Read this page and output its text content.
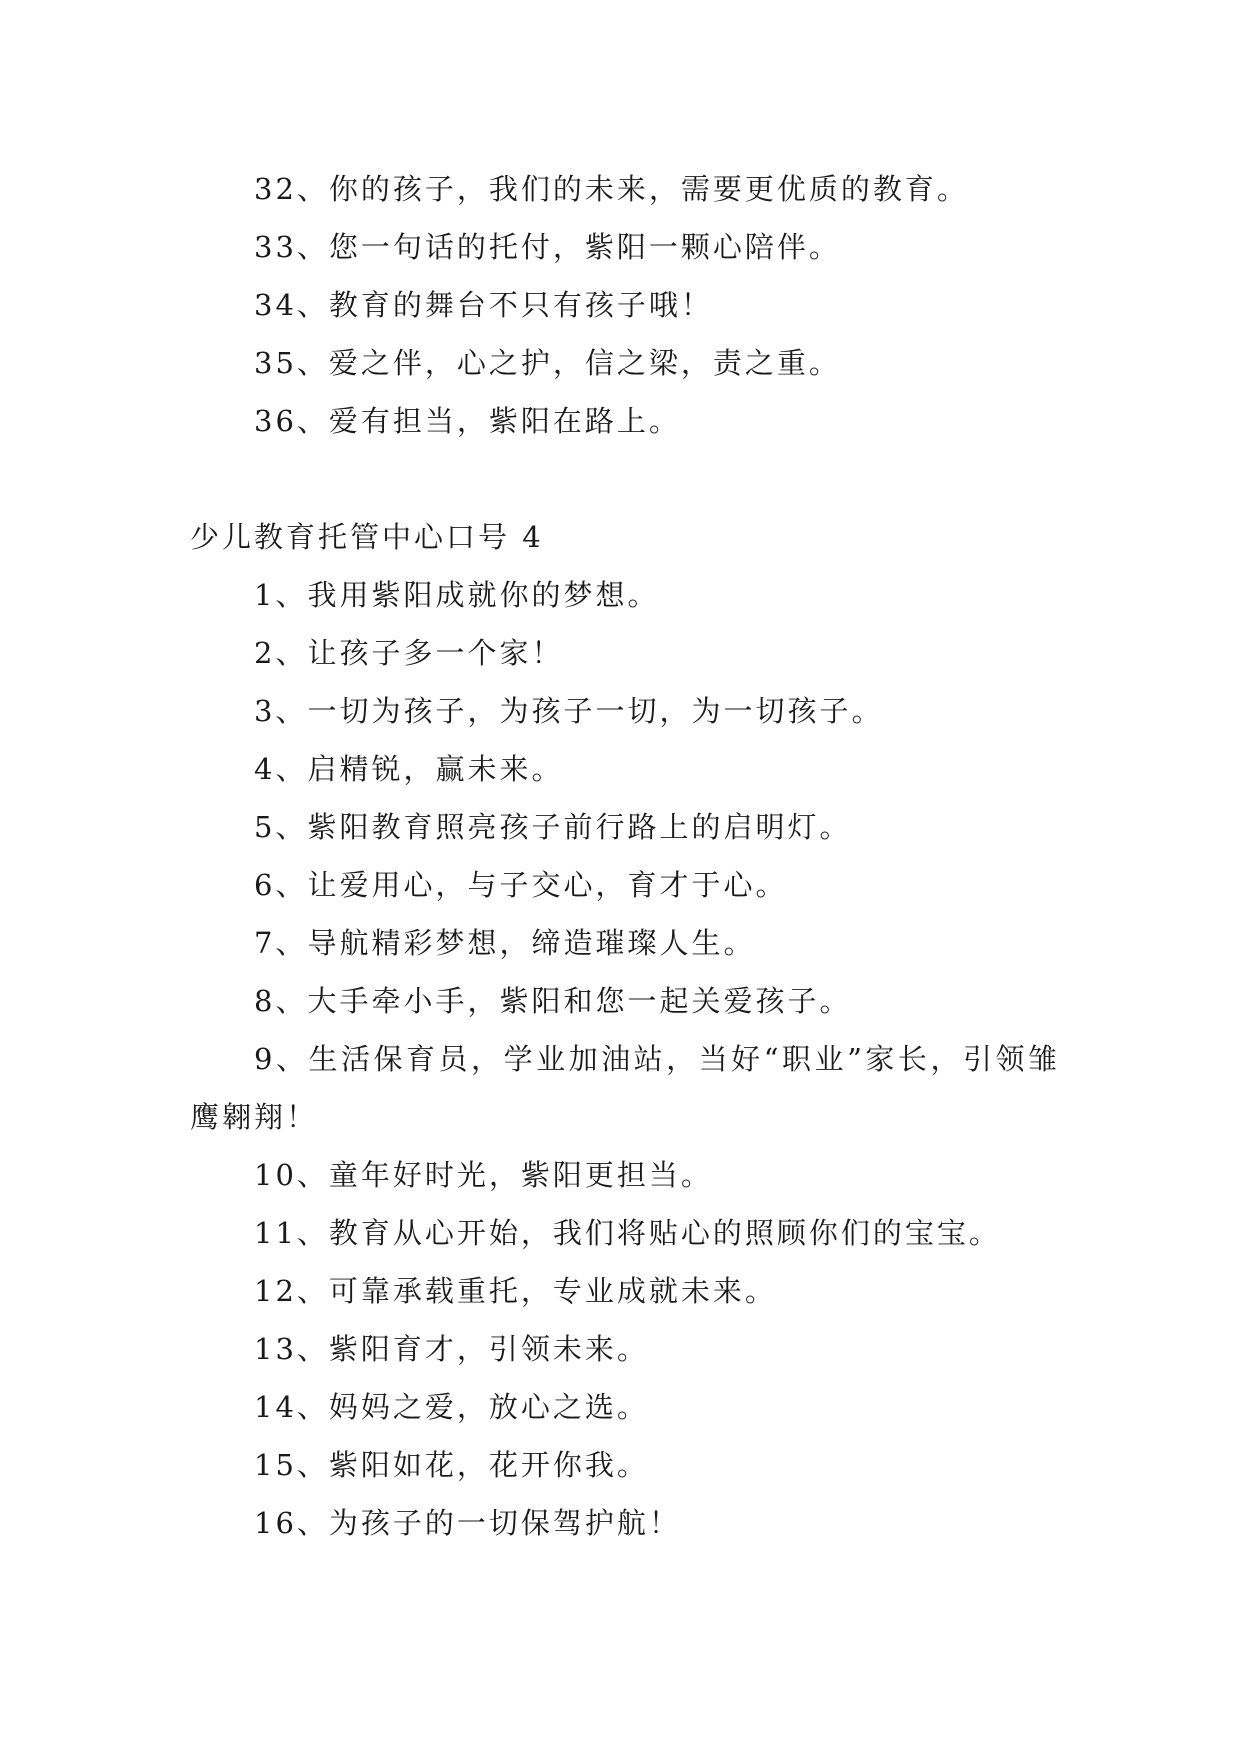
32、你的孩子，我们的未来，需要更优质的教育。
33、您一句话的托付，紫阳一颗心陪伴。
34、教育的舞台不只有孩子哦！
35、爱之伴，心之护，信之梁，责之重。
36、爱有担当，紫阳在路上。
少儿教育托管中心口号 4
1、我用紫阳成就你的梦想。
2、让孩子多一个家！
3、一切为孩子，为孩子一切，为一切孩子。
4、启精锐，赢未来。
5、紫阳教育照亮孩子前行路上的启明灯。
6、让爱用心，与子交心，育才于心。
7、导航精彩梦想，缔造璀璨人生。
8、大手牵小手，紫阳和您一起关爱孩子。
9、生活保育员，学业加油站，当好“职业”家长，引领雏鹰翱翔！
10、童年好时光，紫阳更担当。
11、教育从心开始，我们将贴心的照顾你们的宝宝。
12、可靠承载重托，专业成就未来。
13、紫阳育才，引领未来。
14、妈妈之爱，放心之选。
15、紫阳如花，花开你我。
16、为孩子的一切保驾护航！
